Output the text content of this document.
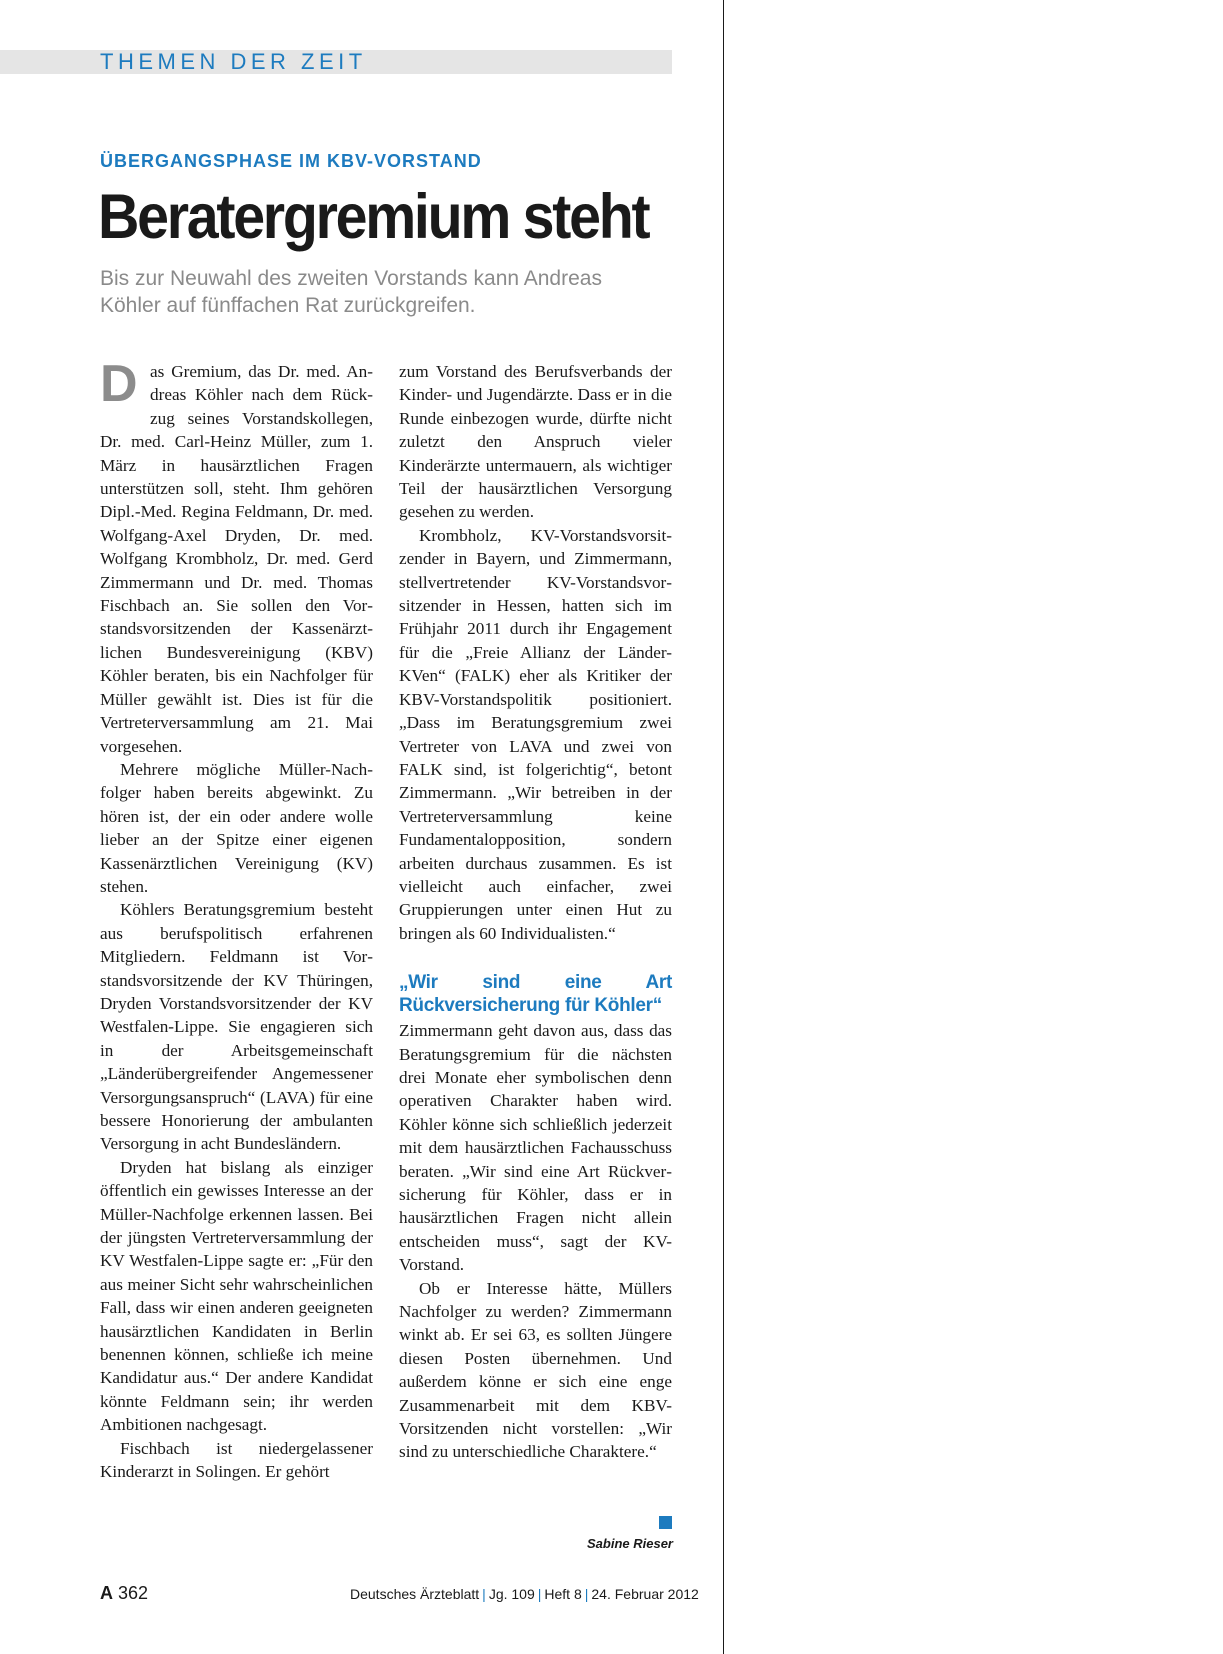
THEMEN DER ZEIT
ÜBERGANGSPHASE IM KBV-VORSTAND
Beratergremium steht
Bis zur Neuwahl des zweiten Vorstands kann Andreas Köhler auf fünffachen Rat zurückgreifen.

Das Gremium, das Dr. med. Andreas Köhler nach dem Rückzug seines Vorstandskollegen, Dr. med. Carl-Heinz Müller, zum 1. März in hausärztlichen Fragen unterstützen soll, steht. Ihm gehören Dipl.-Med. Regina Feldmann, Dr. med. Wolfgang-Axel Dryden, Dr. med. Wolfgang Krombholz, Dr. med. Gerd Zimmermann und Dr. med. Thomas Fischbach an. Sie sollen den Vorstandsvorsitzenden der Kassenärztlichen Bundesvereinigung (KBV) Köhler beraten, bis ein Nachfolger für Müller gewählt ist. Dies ist für die Vertreterversammlung am 21. Mai vorgesehen.

Mehrere mögliche Müller-Nachfolger haben bereits abgewinkt. Zu hören ist, der ein oder andere wolle lieber an der Spitze einer eigenen Kassenärztlichen Vereinigung (KV) stehen.

Köhlers Beratungsgremium besteht aus berufspolitisch erfahrenen Mitgliedern. Feldmann ist Vorstandsvorsitzende der KV Thüringen, Dryden Vorstandsvorsitzender der KV Westfalen-Lippe. Sie engagieren sich in der Arbeitsgemeinschaft „Länderübergreifender Angemessener Versorgungsanspruch“ (LAVA) für eine bessere Honorierung der ambulanten Versorgung in acht Bundesländern.

Dryden hat bislang als einziger öffentlich ein gewisses Interesse an der Müller-Nachfolge erkennen lassen. Bei der jüngsten Vertreterversammlung der KV Westfalen-Lippe sagte er: „Für den aus meiner Sicht sehr wahrscheinlichen Fall, dass wir einen anderen geeigneten hausärztlichen Kandidaten in Berlin benennen können, schließe ich meine Kandidatur aus.“ Der andere Kandidat könnte Feldmann sein; ihr werden Ambitionen nachgesagt.

Fischbach ist niedergelassener Kinderarzt in Solingen. Er gehört

zum Vorstand des Berufsverbands der Kinder- und Jugendärzte. Dass er in die Runde einbezogen wurde, dürfte nicht zuletzt den Anspruch vieler Kinderärzte untermauern, als wichtiger Teil der hausärztlichen Versorgung gesehen zu werden.

Krombholz, KV-Vorstandsvorsitzender in Bayern, und Zimmermann, stellvertretender KV-Vorstandsvorsitzender in Hessen, hatten sich im Frühjahr 2011 durch ihr Engagement für die „Freie Allianz der Länder-KVen“ (FALK) eher als Kritiker der KBV-Vorstandspolitik positioniert. „Dass im Beratungsgremium zwei Vertreter von LAVA und zwei von FALK sind, ist folgerichtig“, betont Zimmermann. „Wir betreiben in der Vertreterversammlung keine Fundamentalopposition, sondern arbeiten durchaus zusammen. Es ist vielleicht auch einfacher, zwei Gruppierungen unter einen Hut zu bringen als 60 Individualisten.“

„Wir sind eine Art Rückversicherung für Köhler“

Zimmermann geht davon aus, dass das Beratungsgremium für die nächsten drei Monate eher symbolischen denn operativen Charakter haben wird. Köhler könne sich schließlich jederzeit mit dem hausärztlichen Fachausschuss beraten. „Wir sind eine Art Rückversicherung für Köhler, dass er in hausärztlichen Fragen nicht allein entscheiden muss“, sagt der KV-Vorstand.

Ob er Interesse hätte, Müllers Nachfolger zu werden? Zimmermann winkt ab. Er sei 63, es sollten Jüngere diesen Posten übernehmen. Und außerdem könne er sich eine enge Zusammenarbeit mit dem KBV-Vorsitzenden nicht vorstellen: „Wir sind zu unterschiedliche Charaktere.“

Sabine Rieser
A 362	Deutsches Ärzteblatt | Jg. 109 | Heft 8 | 24. Februar 2012
